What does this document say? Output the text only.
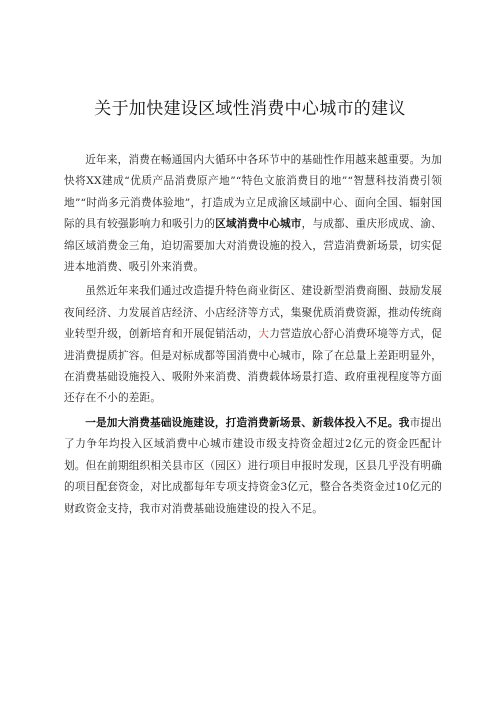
关于加快建设区域性消费中心城市的建议

近年来，消费在畅通国内大循环中各环节中的基础性作用越来越重要。为加快将XX建成“优质产品消费原产地”“特色文旅消费目的地”“智慧科技消费引领地”“时尚多元消费体验地”，打造成为立足成渝区域副中心、面向全国、辐射国际的具有较强影响力和吸引力的区域消费中心城市，与成都、重庆形成成、渝、绵区域消费金三角，迫切需要加大对消费设施的投入，营造消费新场景，切实促进本地消费、吸引外来消费。

虽然近年来我们通过改造提升特色商业街区、建设新型消费商圈、鼓励发展夜间经济、力发展首店经济、小店经济等方式，集聚优质消费资源，推动传统商业转型升级，创新培育和开展促销活动，大力营造放心舒心消费环境等方式，促进消费提质扩容。但是对标成都等国消费中心城市，除了在总量上差距明显外，在消费基础设施投入、吸附外来消费、消费载体场景打造、政府重视程度等方面还存在不小的差距。

一是加大消费基础设施建设，打造消费新场景、新载体投入不足。我市提出了力争年均投入区域消费中心城市建设市级支持资金超过2亿元的资金匹配计划。但在前期组织相关县市区（园区）进行项目申报时发现，区县几乎没有明确的项目配套资金，对比成都每年专项支持资金3亿元，整合各类资金过10亿元的财政资金支持，我市对消费基础设施建设的投入不足。
